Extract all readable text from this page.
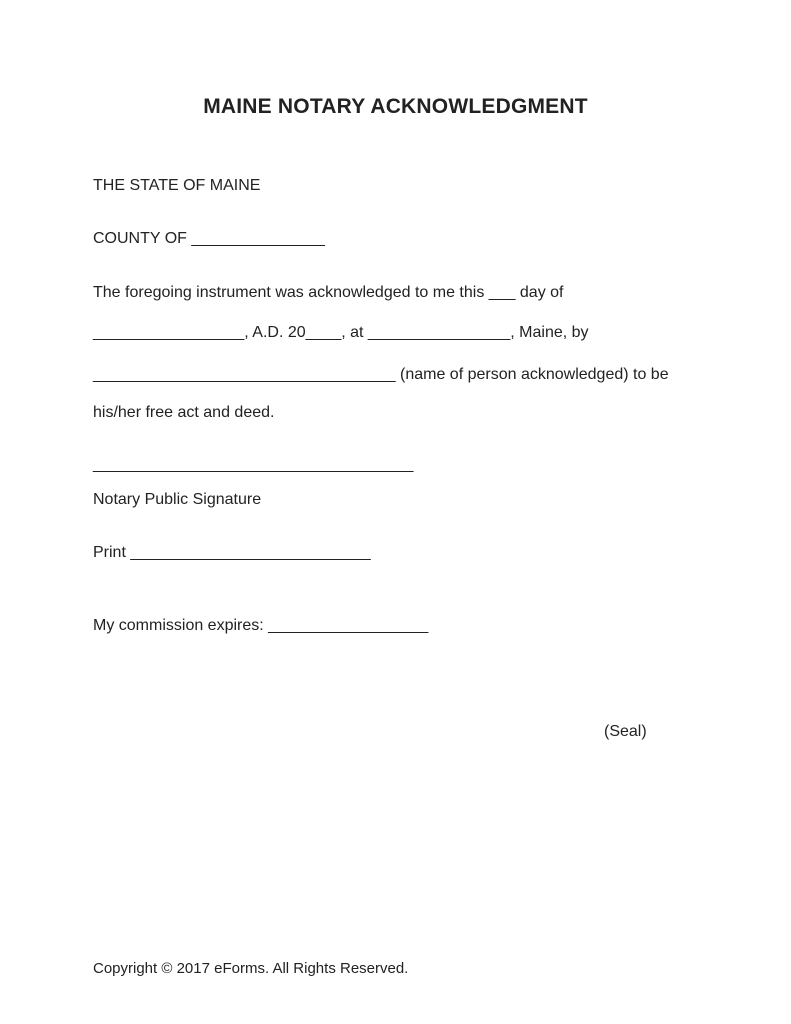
MAINE NOTARY ACKNOWLEDGMENT
THE STATE OF MAINE
COUNTY OF _______________
The foregoing instrument was acknowledged to me this ___ day of
_________________, A.D. 20____, at ________________, Maine, by
__________________________________ (name of person acknowledged) to be
his/her free act and deed.
____________________________________
Notary Public Signature
Print ___________________________
My commission expires: __________________
(Seal)
Copyright © 2017 eForms. All Rights Reserved.
